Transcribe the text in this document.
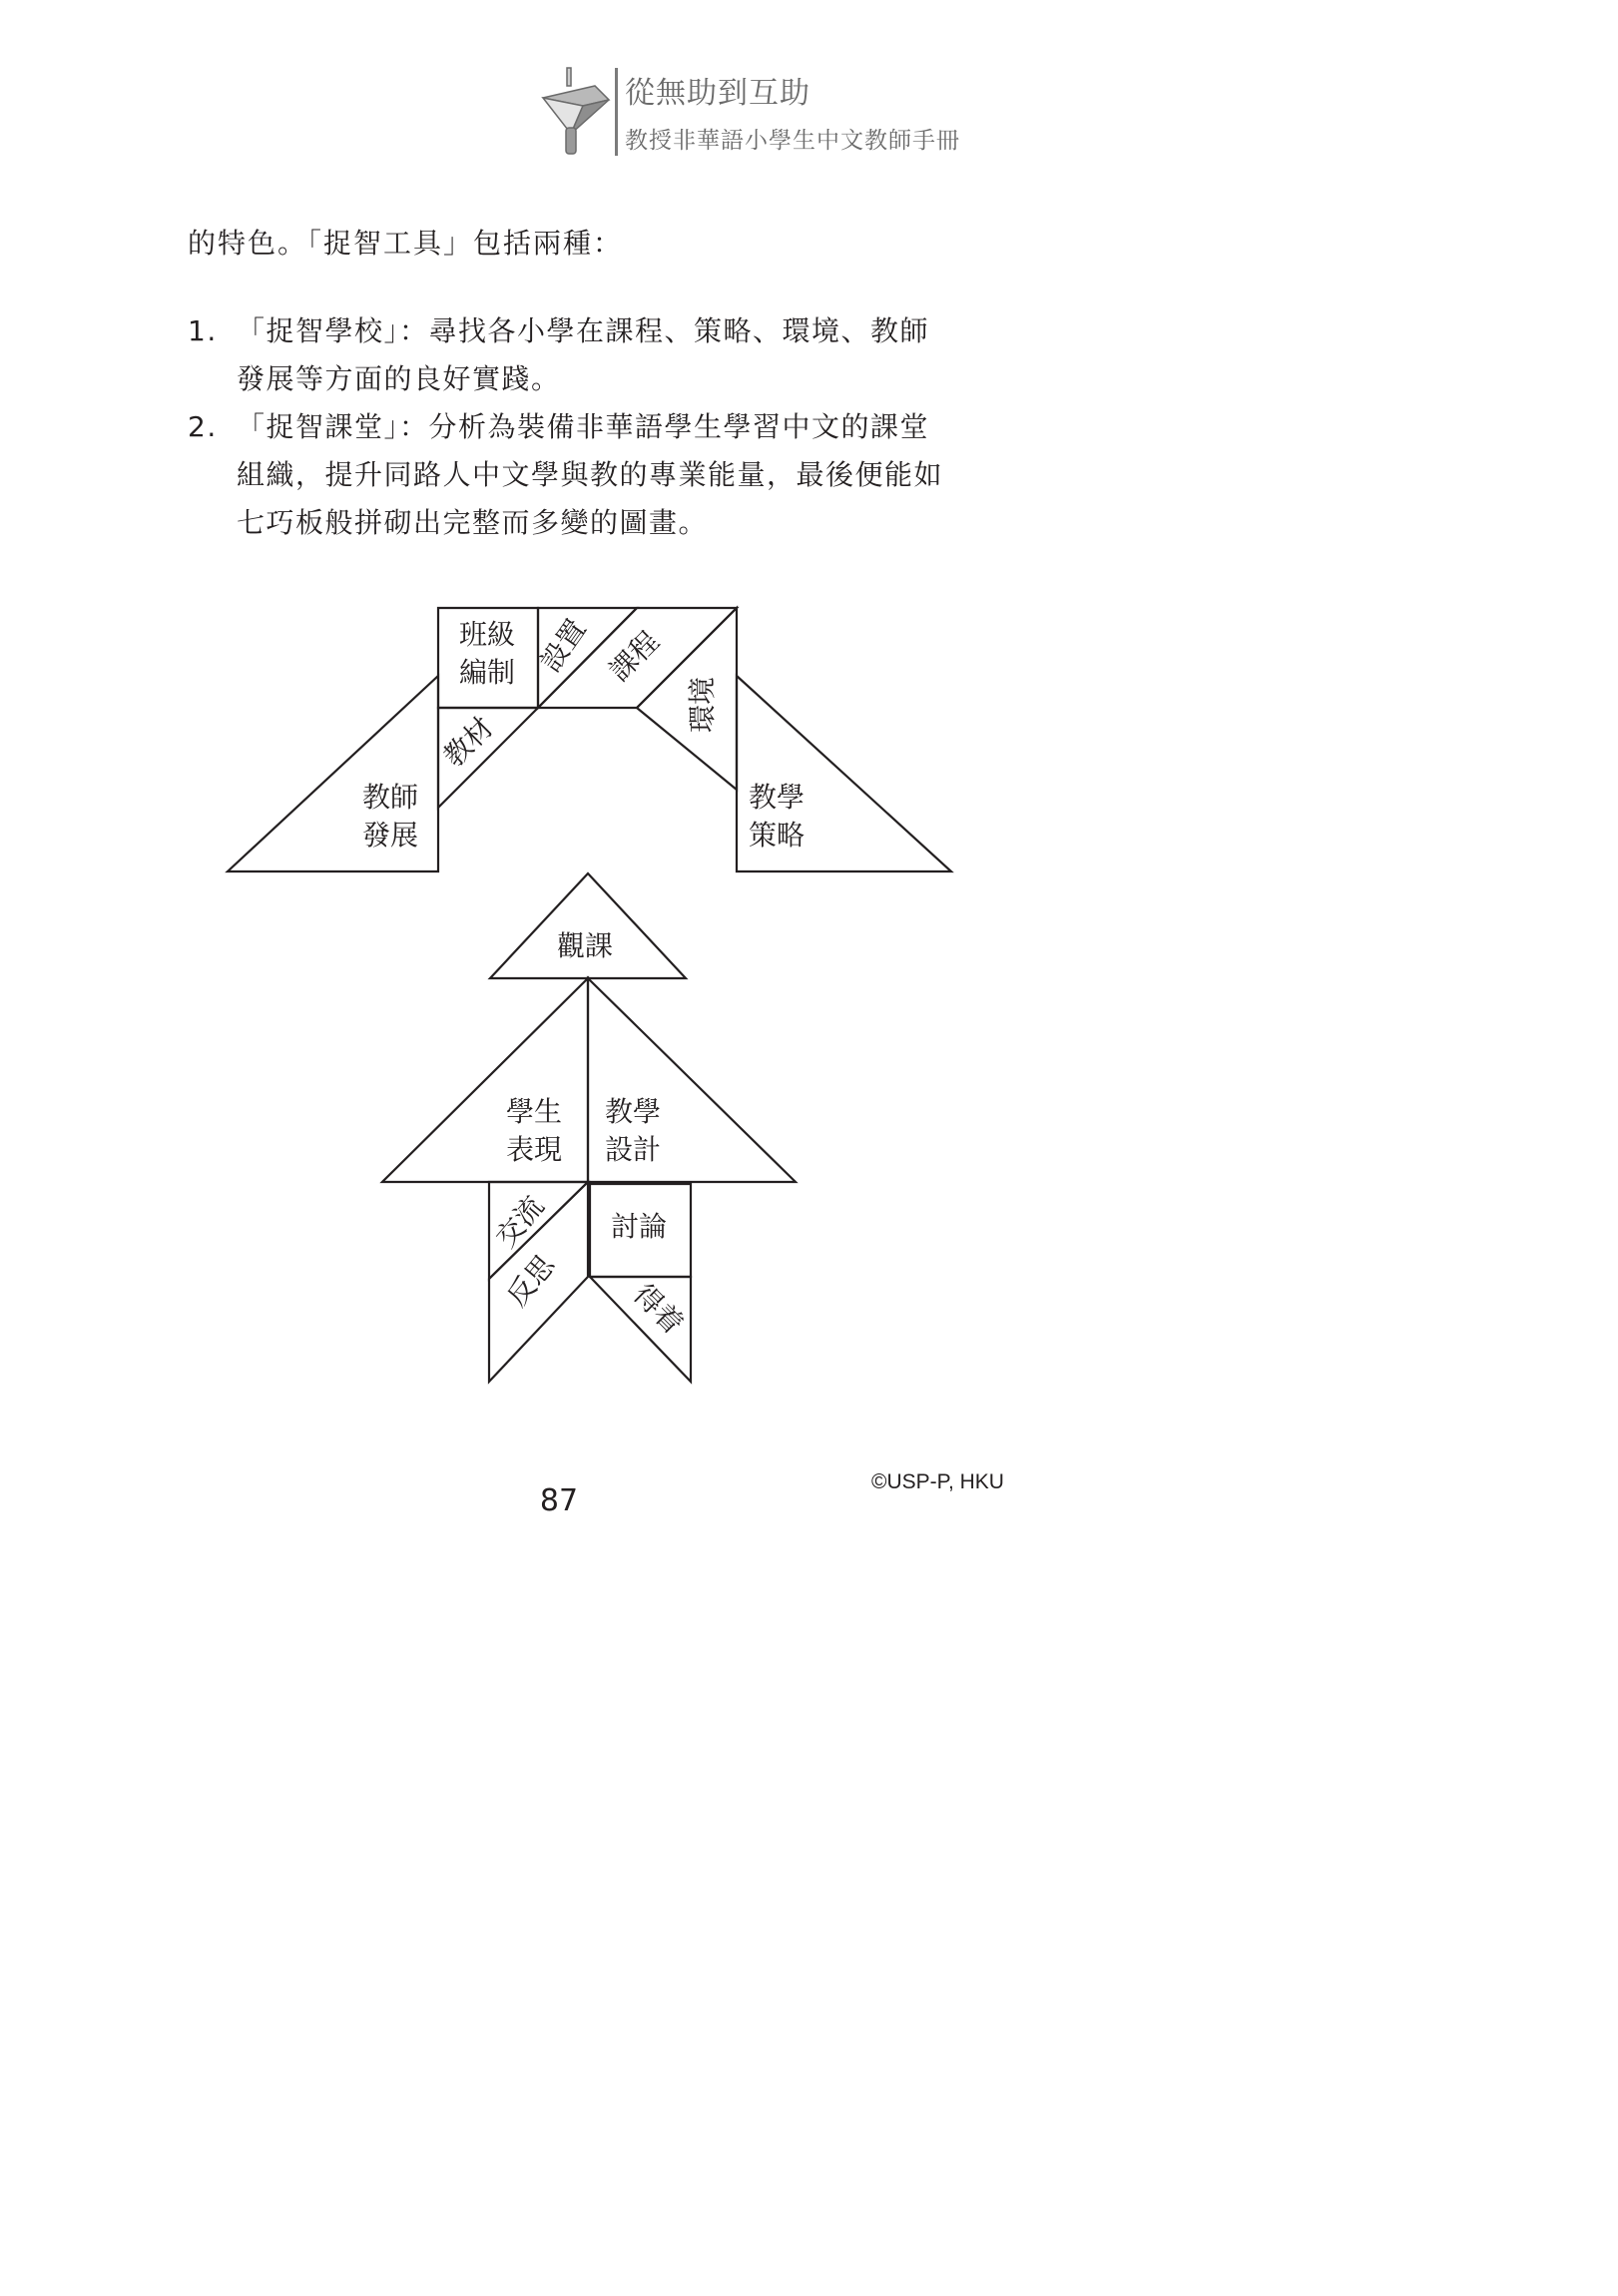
從無助到互助
教授非華語小學生中文教師手冊
的特色。「捉智工具」包括兩種：
1. 「捉智學校」：尋找各小學在課程、策略、環境、教師
發展等方面的良好實踐。
2. 「捉智課堂」：分析為裝備非華語學生學習中文的課堂
組織，提升同路人中文學與教的專業能量，最後便能如
七巧板般拼砌出完整而多變的圖畫。
班級
編制 設置 課程
環境
教材
教師
發展
教學
策略
觀課
學生
表現
教學
設計
交流 討論
反思 得着
87
©USP-P, HKU
